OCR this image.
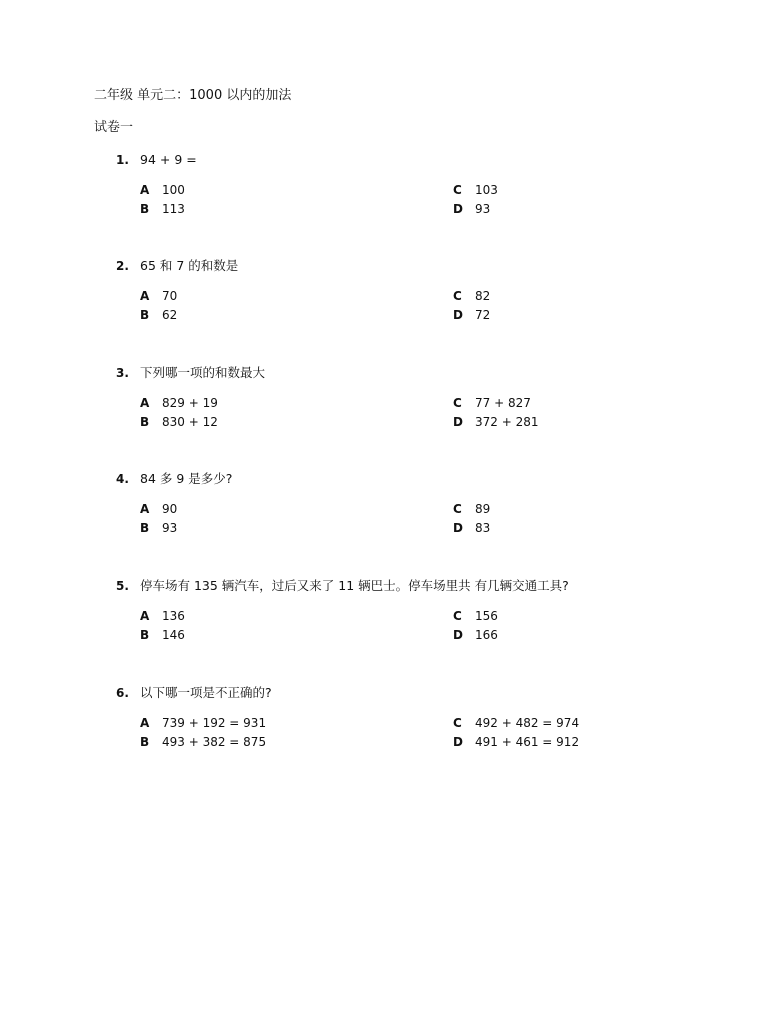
二年级 单元二：1000 以内的加法
试卷一
1. 94 + 9 =
A 100
B 113
C 103
D 93
2. 65 和 7 的和数是
A 70
B 62
C 82
D 72
3. 下列哪一项的和数最大
A 829 + 19
B 830 + 12
C 77 + 827
D 372 + 281
4. 84 多 9 是多少?
A 90
B 93
C 89
D 83
5. 停车场有 135 辆汽车，过后又来了 11 辆巴士。停车场里共 有几辆交通工具?
A 136
B 146
C 156
D 166
6. 以下哪一项是不正确的?
A 739 + 192 = 931
B 493 + 382 = 875
C 492 + 482 = 974
D 491 + 461 = 912
